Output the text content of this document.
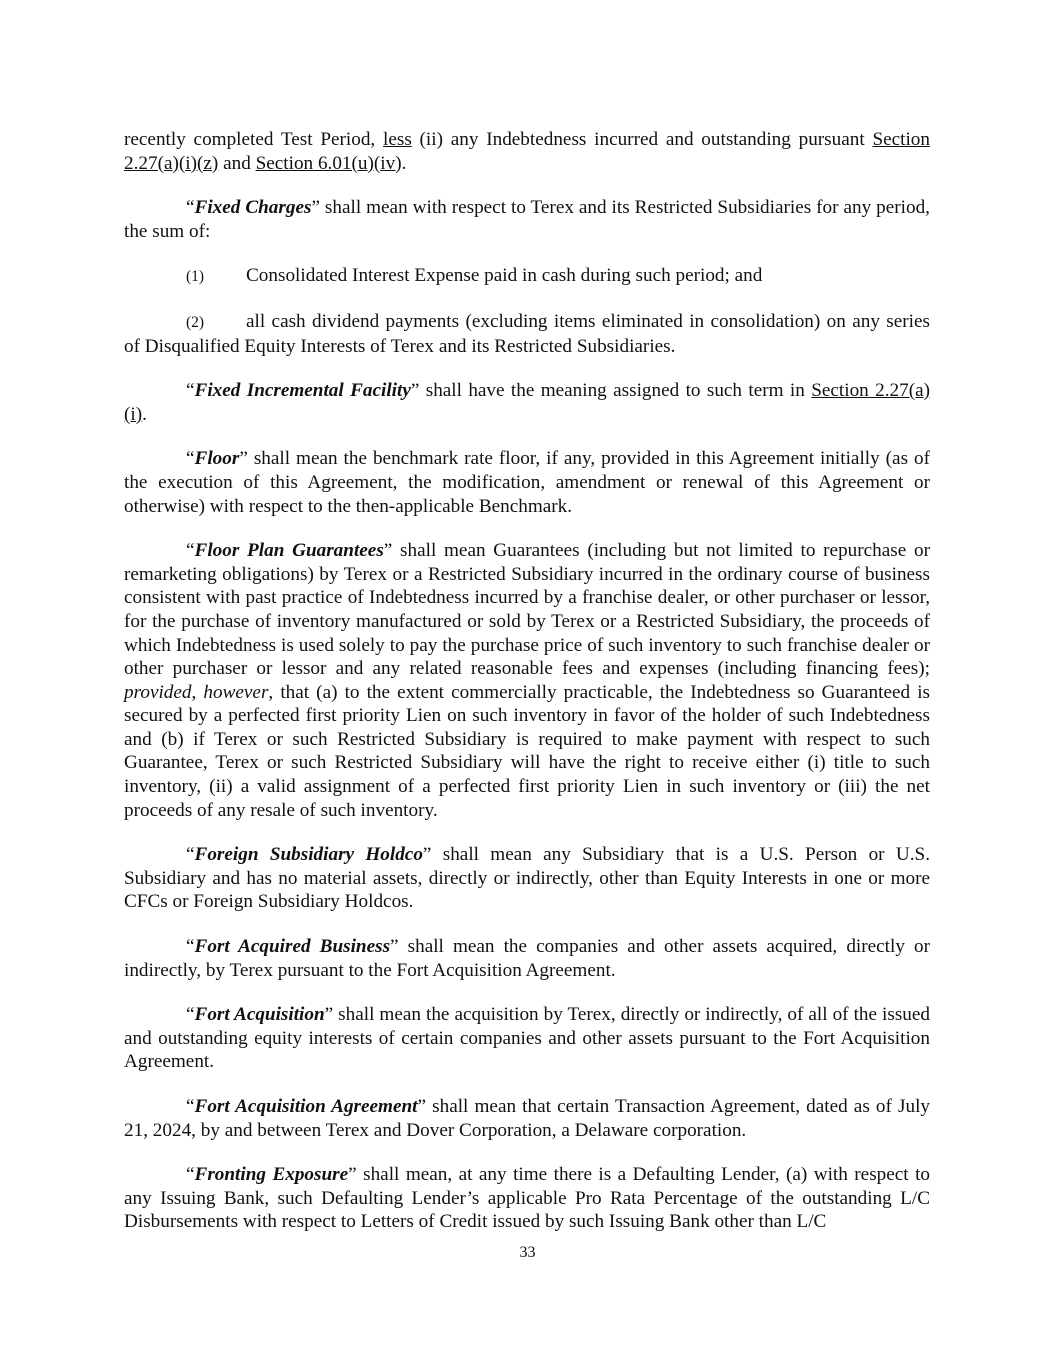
recently completed Test Period, less (ii) any Indebtedness incurred and outstanding pursuant Section 2.27(a)(i)(z) and Section 6.01(u)(iv).

“Fixed Charges” shall mean with respect to Terex and its Restricted Subsidiaries for any period, the sum of:

(1) Consolidated Interest Expense paid in cash during such period; and

(2) all cash dividend payments (excluding items eliminated in consolidation) on any series of Disqualified Equity Interests of Terex and its Restricted Subsidiaries.

“Fixed Incremental Facility” shall have the meaning assigned to such term in Section 2.27(a)(i).

“Floor” shall mean the benchmark rate floor, if any, provided in this Agreement initially (as of the execution of this Agreement, the modification, amendment or renewal of this Agreement or otherwise) with respect to the then-applicable Benchmark.

“Floor Plan Guarantees” shall mean Guarantees (including but not limited to repurchase or remarketing obligations) by Terex or a Restricted Subsidiary incurred in the ordinary course of business consistent with past practice of Indebtedness incurred by a franchise dealer, or other purchaser or lessor, for the purchase of inventory manufactured or sold by Terex or a Restricted Subsidiary, the proceeds of which Indebtedness is used solely to pay the purchase price of such inventory to such franchise dealer or other purchaser or lessor and any related reasonable fees and expenses (including financing fees); provided, however, that (a) to the extent commercially practicable, the Indebtedness so Guaranteed is secured by a perfected first priority Lien on such inventory in favor of the holder of such Indebtedness and (b) if Terex or such Restricted Subsidiary is required to make payment with respect to such Guarantee, Terex or such Restricted Subsidiary will have the right to receive either (i) title to such inventory, (ii) a valid assignment of a perfected first priority Lien in such inventory or (iii) the net proceeds of any resale of such inventory.

“Foreign Subsidiary Holdco” shall mean any Subsidiary that is a U.S. Person or U.S. Subsidiary and has no material assets, directly or indirectly, other than Equity Interests in one or more CFCs or Foreign Subsidiary Holdcos.

“Fort Acquired Business” shall mean the companies and other assets acquired, directly or indirectly, by Terex pursuant to the Fort Acquisition Agreement.

“Fort Acquisition” shall mean the acquisition by Terex, directly or indirectly, of all of the issued and outstanding equity interests of certain companies and other assets pursuant to the Fort Acquisition Agreement.

“Fort Acquisition Agreement” shall mean that certain Transaction Agreement, dated as of July 21, 2024, by and between Terex and Dover Corporation, a Delaware corporation.

“Fronting Exposure” shall mean, at any time there is a Defaulting Lender, (a) with respect to any Issuing Bank, such Defaulting Lender’s applicable Pro Rata Percentage of the outstanding L/C Disbursements with respect to Letters of Credit issued by such Issuing Bank other than L/C

33
